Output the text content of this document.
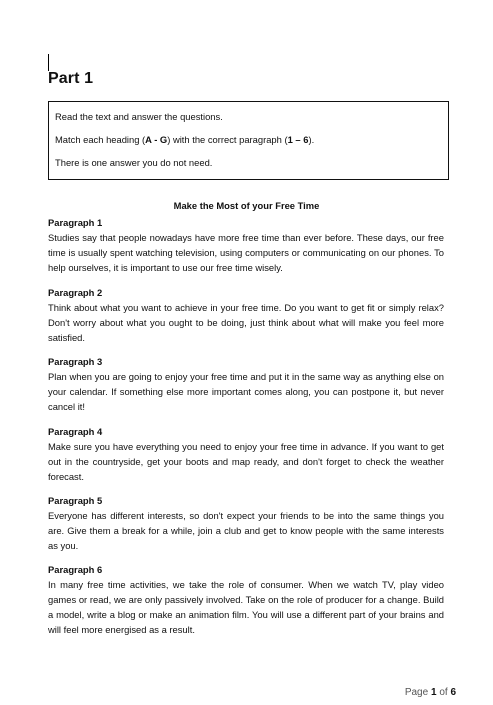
Part 1

Read the text and answer the questions.

Match each heading (A - G) with the correct paragraph (1 – 6).

There is one answer you do not need.

Make the Most of your Free Time
Paragraph 1
Studies say that people nowadays have more free time than ever before. These days, our free time is usually spent watching television, using computers or communicating on our phones. To help ourselves, it is important to use our free time wisely.
Paragraph 2
Think about what you want to achieve in your free time. Do you want to get fit or simply relax? Don't worry about what you ought to be doing, just think about what will make you feel more satisfied.
Paragraph 3
Plan when you are going to enjoy your free time and put it in the same way as anything else on your calendar. If something else more important comes along, you can postpone it, but never cancel it!
Paragraph 4
Make sure you have everything you need to enjoy your free time in advance. If you want to get out in the countryside, get your boots and map ready, and don't forget to check the weather forecast.
Paragraph 5
Everyone has different interests, so don't expect your friends to be into the same things you are. Give them a break for a while, join a club and get to know people with the same interests as you.
Paragraph 6
In many free time activities, we take the role of consumer. When we watch TV, play video games or read, we are only passively involved. Take on the role of producer for a change. Build a model, write a blog or make an animation film. You will use a different part of your brains and will feel more energised as a result.
Page 1 of 6
